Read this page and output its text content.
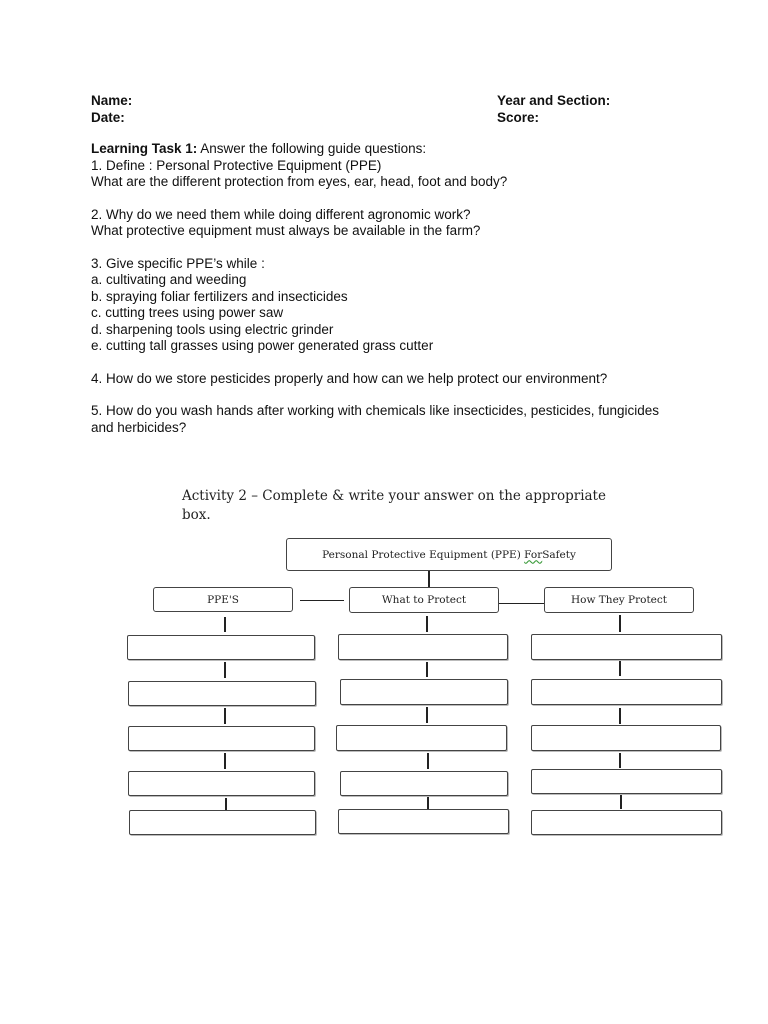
Name:
Date:
Year and Section:
Score:

Learning Task 1: Answer the following guide questions:

1. Define : Personal Protective Equipment (PPE)

What are the different protection from eyes, ear, head, foot and body?

2. Why do we need them while doing different agronomic work?

What protective equipment must always be available in the farm?

3. Give specific PPE’s while :

a. cultivating and weeding

b. spraying foliar fertilizers and insecticides

c. cutting trees using power saw

d. sharpening tools using electric grinder

e. cutting tall grasses using power generated grass cutter

4. How do we store pesticides properly and how can we help protect our environment?

5. How do you wash hands after working with chemicals like insecticides, pesticides, fungicides

and herbicides?

Activity 2 – Complete & write your answer on the appropriate
box.
Personal Protective Equipment (PPE)
For Safety
PPE'S	What to Protect	How They Protect
